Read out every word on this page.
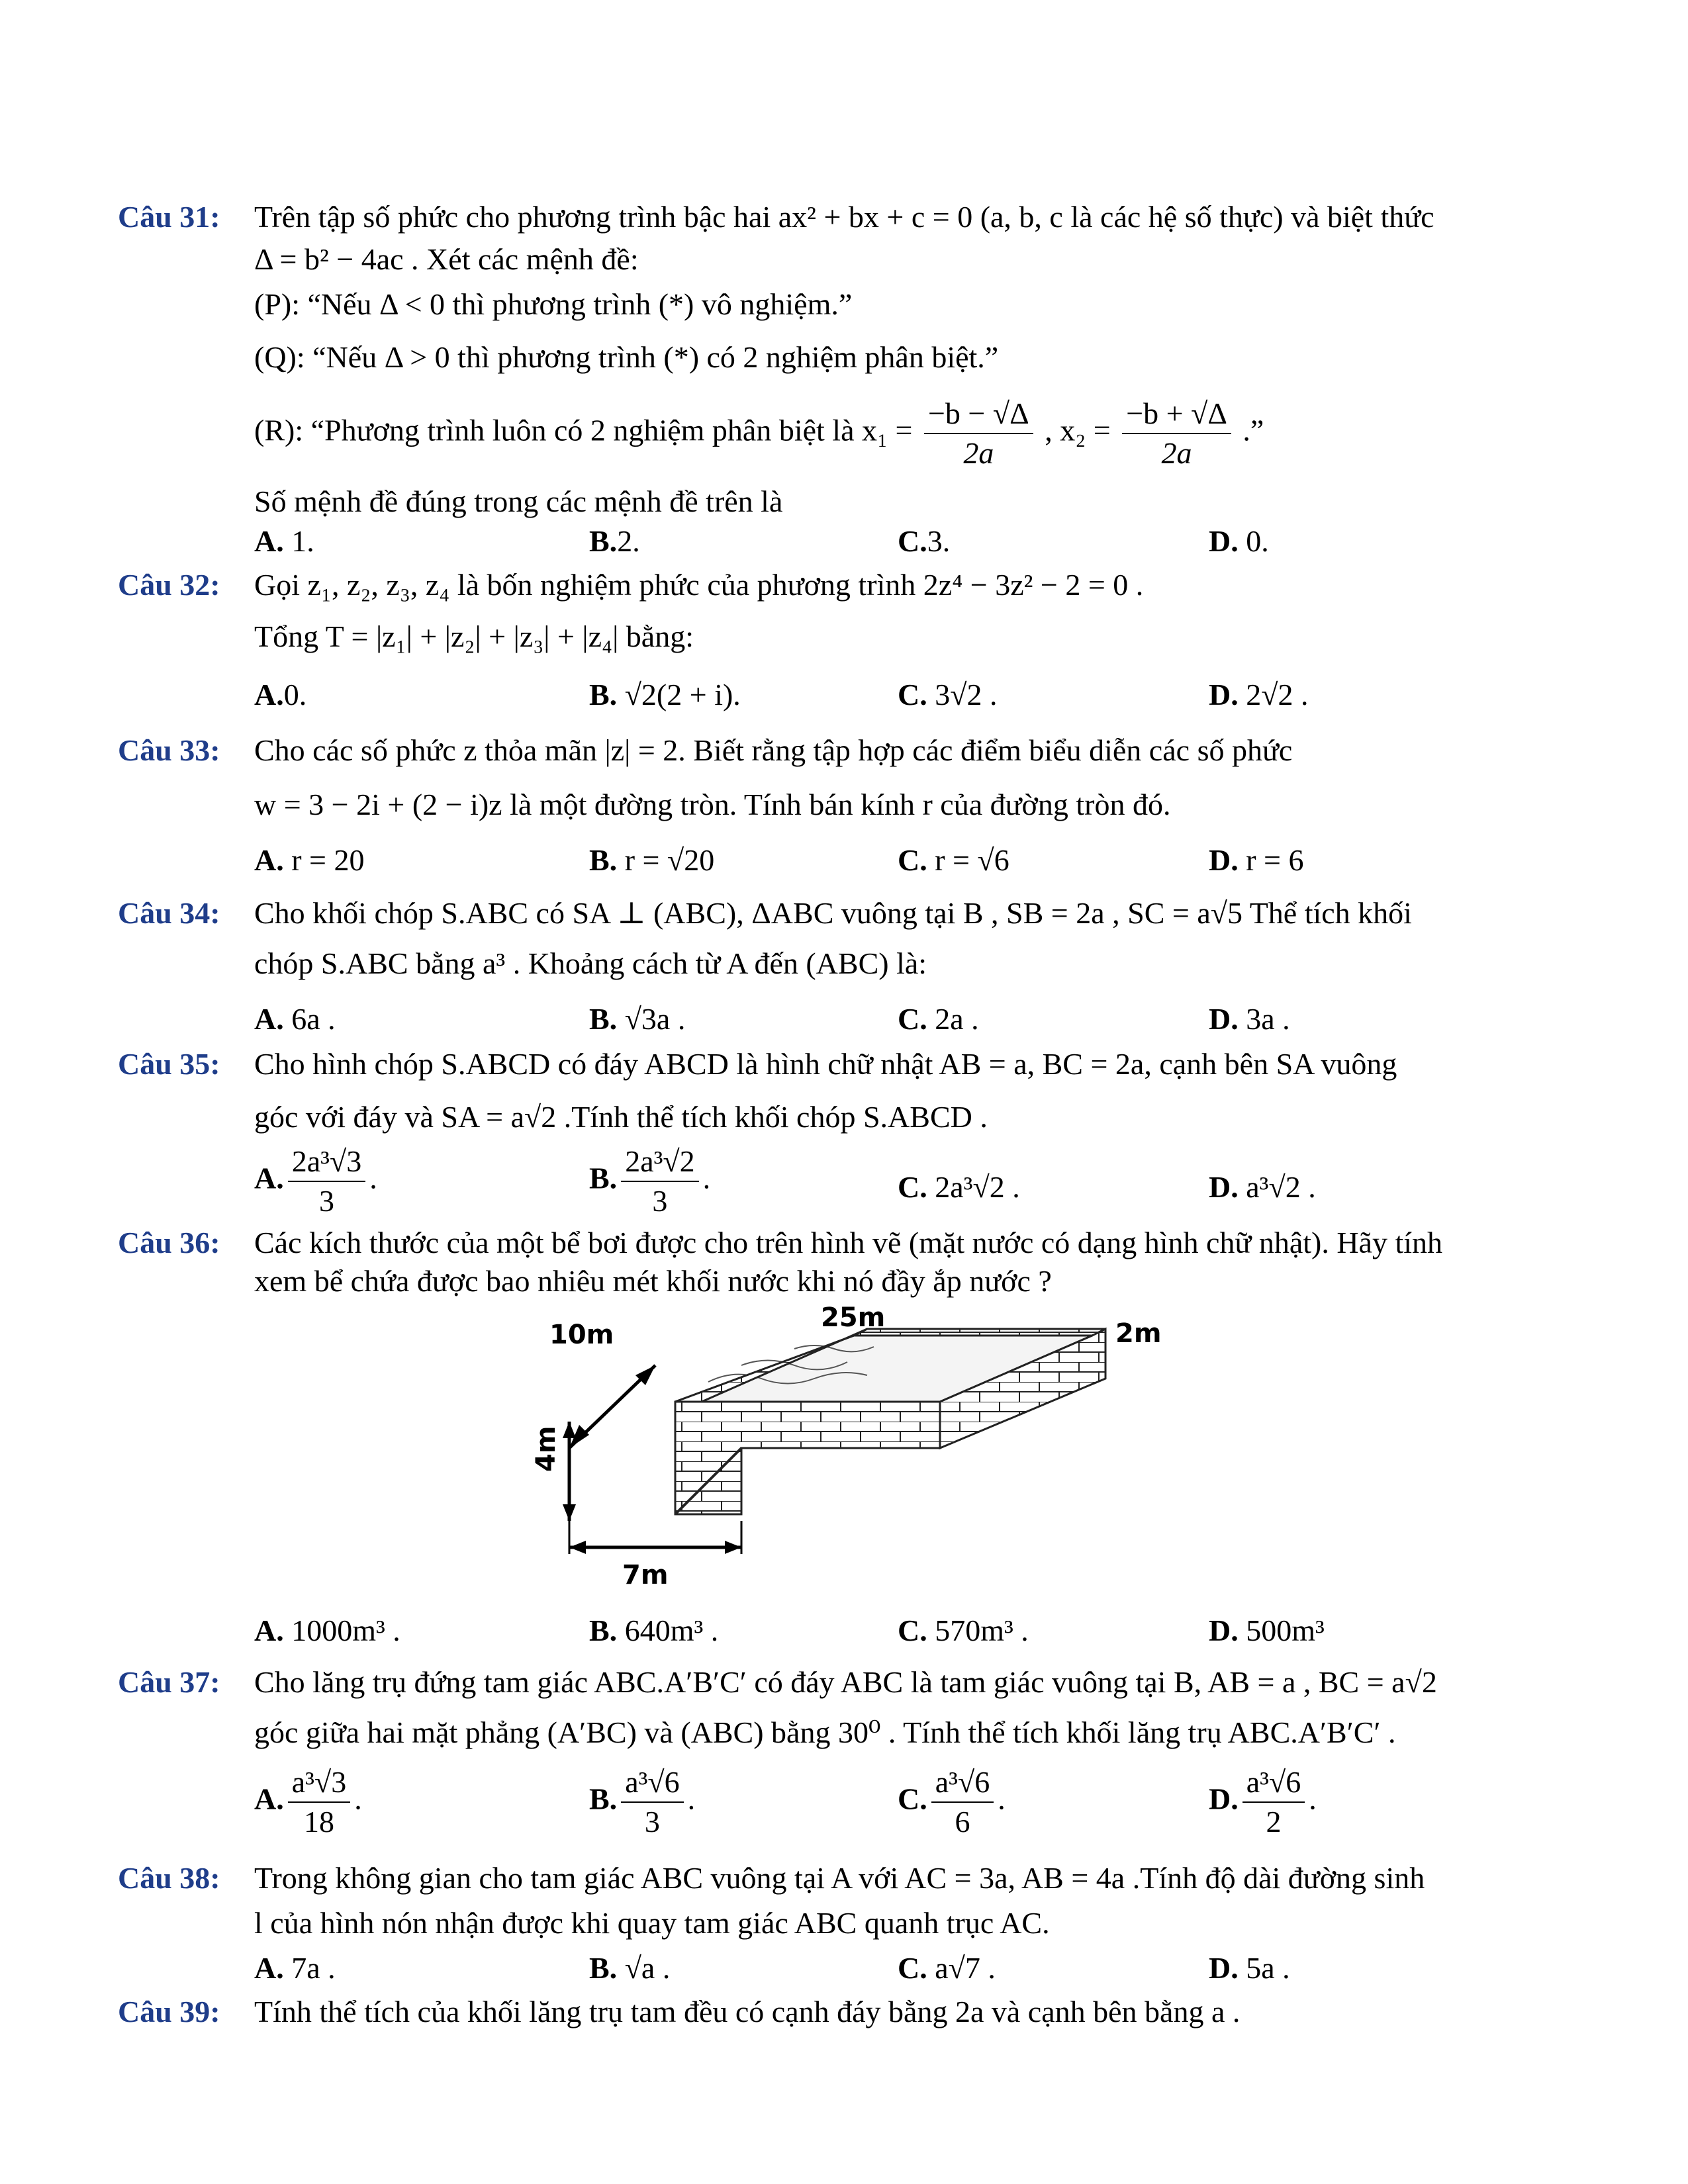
Câu 31: Trên tập số phức cho phương trình bậc hai ax² + bx + c = 0 (a, b, c là các hệ số thực) và biệt thức
Δ = b² − 4ac . Xét các mệnh đề:
(P): “Nếu Δ < 0 thì phương trình (*) vô nghiệm.”
(Q): “Nếu Δ > 0 thì phương trình (*) có 2 nghiệm phân biệt.”
(R): “Phương trình luôn có 2 nghiệm phân biệt là $x_1 = \frac{-b - √\Delta}{2a}$ , $x_2 = \frac{-b + √\Delta}{2a}$ .”
Số mệnh đề đúng trong các mệnh đề trên là
A. 1.	B.2.	C.3.	D. 0.
Câu 32: Gọi z₁, z₂, z₃, z₄ là bốn nghiệm phức của phương trình 2z⁴ − 3z² − 2 = 0 .
Tổng T = |z₁| + |z₂| + |z₃| + |z₄| bằng:
A.0.	B. √2(2 + i).	C. 3√2 .	D. 2√2 .
Câu 33: Cho các số phức z thỏa mãn |z| = 2. Biết rằng tập hợp các điểm biểu diễn các số phức
w = 3 − 2i + (2 − i)z là một đường tròn. Tính bán kính r của đường tròn đó.
A. r = 20	B. r = √20	C. r = √6	D. r = 6
Câu 34: Cho khối chóp S.ABC có SA ⊥ (ABC), ΔABC vuông tại B , SB = 2a , SC = a√5 Thể tích khối
chóp S.ABC bằng a³ . Khoảng cách từ A đến (ABC) là:
A. 6a .	B. √3a .	C. 2a .	D. 3a .
Câu 35: Cho hình chóp S.ABCD có đáy ABCD là hình chữ nhật AB = a, BC = 2a, cạnh bên SA vuông
góc với đáy và SA = a√2 .Tính thể tích khối chóp S.ABCD .
A. $\frac{\text{2a³√3}}{3}$ .	B. $\frac{\text{2a³√2}}{3}$ .	C. 2a³√2 .	D. a³√2 .
Câu 36: Các kích thước của một bể bơi được cho trên hình vẽ (mặt nước có dạng hình chữ nhật). Hãy tính
xem bể chứa được bao nhiêu mét khối nước khi nó đầy ắp nước ?
25m
10m	2m
4m
7m
A. 1000m³ .	B. 640m³ .	C. 570m³ .	D. 500m³
Câu 37: Cho lăng trụ đứng tam giác ABC.A′B′C′ có đáy ABC là tam giác vuông tại B, AB = a , BC = a√2
góc giữa hai mặt phẳng (A′BC) và (ABC) bằng 30⁰ . Tính thể tích khối lăng trụ ABC.A′B′C′ .
A. $\frac{\text{a³√3}}{18}$ .	B. $\frac{\text{a³√6}}{3}$ .	C. $\frac{\text{a³√6}}{6}$ .	D. $\frac{\text{a³√6}}{2}$ .
Câu 38: Trong không gian cho tam giác ABC vuông tại A với AC = 3a, AB = 4a .Tính độ dài đường sinh
l của hình nón nhận được khi quay tam giác ABC quanh trục AC.
A. 7a .	B. √a .	C. a√7 .	D. 5a .
Câu 39: Tính thể tích của khối lăng trụ tam đều có cạnh đáy bằng 2a và cạnh bên bằng a .
